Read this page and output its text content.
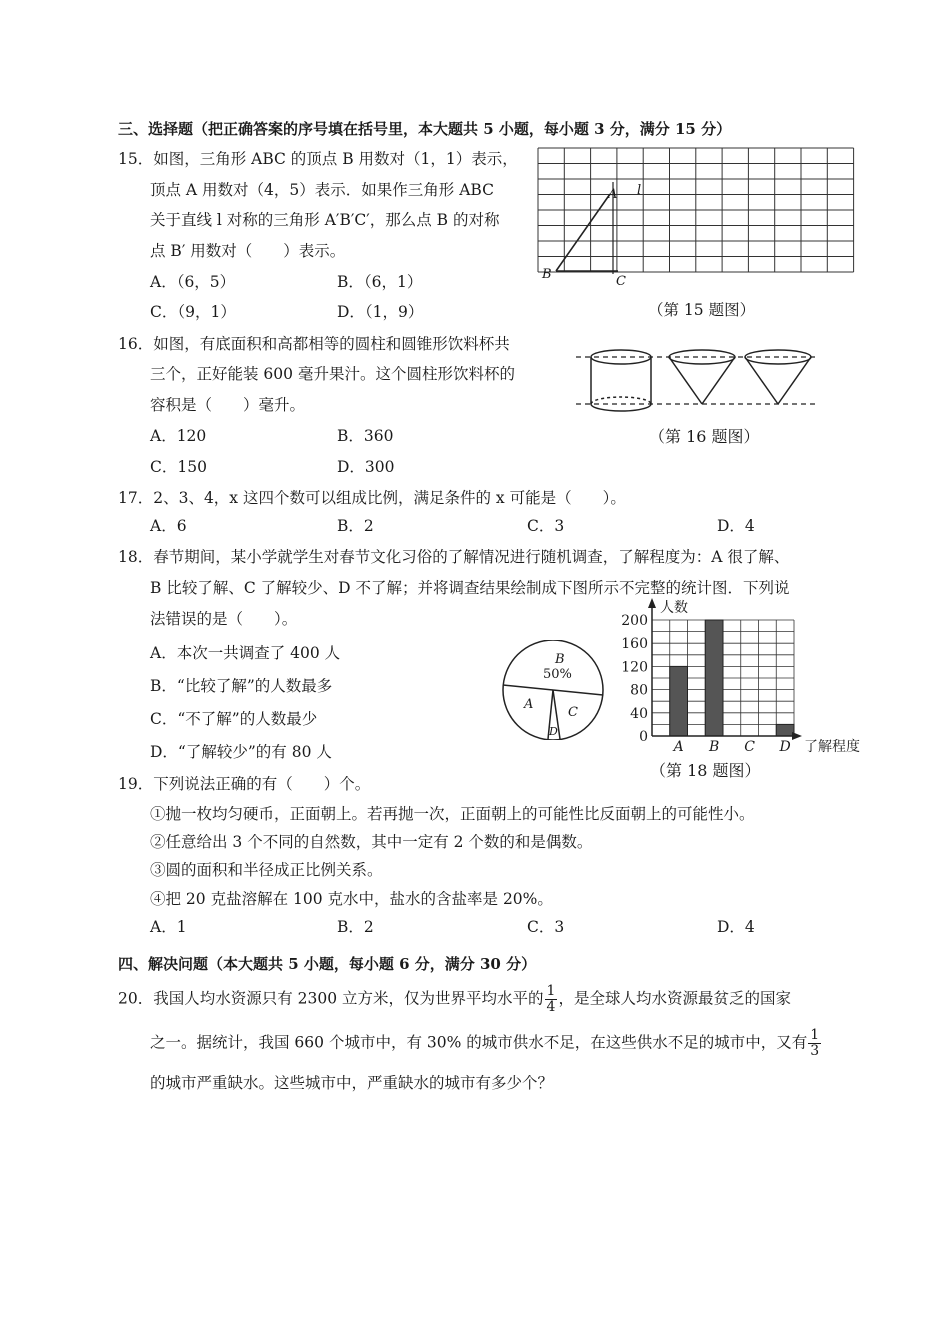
三、选择题（把正确答案的序号填在括号里，本大题共 5 小题，每小题 3 分，满分 15 分）
15．如图，三角形 ABC 的顶点 B 用数对（1，1）表示，
顶点 A 用数对（4，5）表示．如果作三角形 ABC
关于直线 l 对称的三角形 A′B′C′，那么点 B 的对称
点 B′ 用数对（　　）表示。
A．（6，5）	B．（6，1）
C．（9，1）	D．（1，9）
A
B	C
l
（第 15 题图）
16．如图，有底面积和高都相等的圆柱和圆锥形饮料杯共
三个，正好能装 600 毫升果汁。这个圆柱形饮料杯的
容积是（　　）毫升。
A．120	B．360
C．150	D．300
（第 16 题图）
17．2、3、4，x 这四个数可以组成比例，满足条件的 x 可能是（　　）。
A．6	B．2	C．3	D．4
18．春节期间，某小学就学生对春节文化习俗的了解情况进行随机调查，了解程度为：A 很了解、
B 比较了解、C 了解较少、D 不了解；并将调查结果绘制成下图所示不完整的统计图．下列说
法错误的是（　　）。
A．本次一共调查了 400 人
B．“比较了解”的人数最多
C．“不了解”的人数最少
D．“了解较少”的有 80 人
B
50%
A
C
D	0
40
80
120
160
200
A B C D
人数
了解程度
（第 18 题图）
19．下列说法正确的有（　　）个。
①抛一枚均匀硬币，正面朝上。若再抛一次，正面朝上的可能性比反面朝上的可能性小。
②任意给出 3 个不同的自然数，其中一定有 2 个数的和是偶数。
③圆的面积和半径成正比例关系。
④把 20 克盐溶解在 100 克水中，盐水的含盐率是 20%。
A．1	B．2	C．3	D．4
四、解决问题（本大题共 5 小题，每小题 6 分，满分 30 分）
20．我国人均水资源只有 2300 立方米，仅为世界平均水平的 $\frac{1}{4}$ ，是全球人均水资源最贫乏的国家
之一。据统计，我国 660 个城市中，有 30% 的城市供水不足，在这些供水不足的城市中，又有 $\frac{1}{3}$
的城市严重缺水。这些城市中，严重缺水的城市有多少个？
